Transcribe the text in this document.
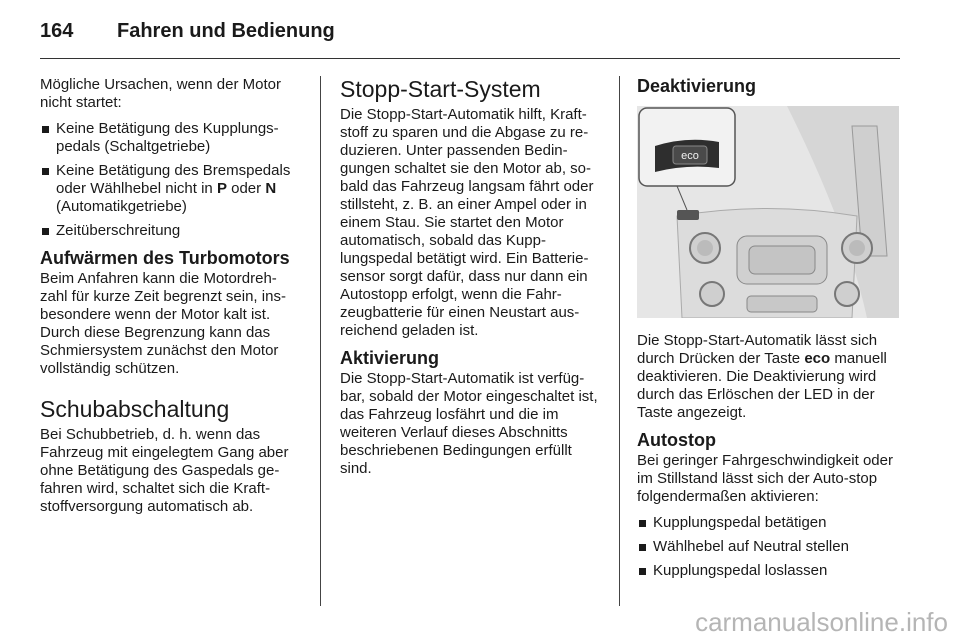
164 Fahren und Bedienung

Mögliche Ursachen, wenn der Motor nicht startet:

Keine Betätigung des Kupplungs-pedals (Schaltgetriebe)
Keine Betätigung des Bremspedals oder Wählhebel nicht in P oder N
(Automatikgetriebe)
Zeitüberschreitung
Aufwärmen des Turbomotors

Beim Anfahren kann die Motordreh-zahl für kurze Zeit begrenzt sein, ins-besondere wenn der Motor kalt ist. Durch diese Begrenzung kann das Schmiersystem zunächst den Motor vollständig schützen.

Schubabschaltung

Bei Schubbetrieb, d. h. wenn das Fahrzeug mit eingelegtem Gang aber ohne Betätigung des Gaspedals ge-fahren wird, schaltet sich die Kraft-stoffversorgung automatisch ab.

Stopp-Start-System

Die Stopp-Start-Automatik hilft, Kraft-stoff zu sparen und die Abgase zu re-duzieren. Unter passenden Bedin-gungen schaltet sie den Motor ab, so-bald das Fahrzeug langsam fährt oder stillsteht, z. B. an einer Ampel oder in einem Stau. Sie startet den Motor automatisch, sobald das Kupp-lungspedal betätigt wird. Ein Batterie-sensor sorgt dafür, dass nur dann ein Autostopp erfolgt, wenn die Fahr-zeugbatterie für einen Neustart aus-reichend geladen ist.

Aktivierung

Die Stopp-Start-Automatik ist verfüg-bar, sobald der Motor eingeschaltet ist, das Fahrzeug losfährt und die im weiteren Verlauf dieses Abschnitts beschriebenen Bedingungen erfüllt sind.

Deaktivierung
eco

Die Stopp-Start-Automatik lässt sich durch Drücken der Taste eco manuell deaktivieren. Die Deaktivierung wird durch das Erlöschen der LED in der Taste angezeigt.

Autostop

Bei geringer Fahrgeschwindigkeit oder im Stillstand lässt sich der Auto-stop folgendermaßen aktivieren:

Kupplungspedal betätigen
Wählhebel auf Neutral stellen
Kupplungspedal loslassen
carmanualsonline.info
